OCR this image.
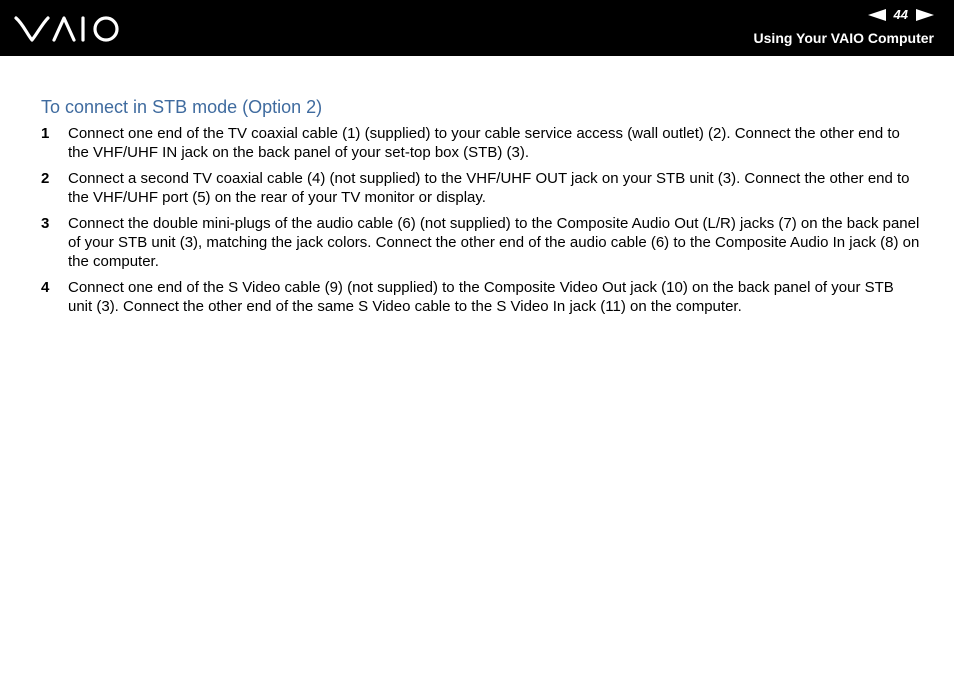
44
Using Your VAIO Computer
To connect in STB mode (Option 2)
1	Connect one end of the TV coaxial cable (1) (supplied) to your cable service access (wall outlet) (2). Connect the other end to the VHF/UHF IN jack on the back panel of your set-top box (STB) (3).
2	Connect a second TV coaxial cable (4) (not supplied) to the VHF/UHF OUT jack on your STB unit (3). Connect the other end to the VHF/UHF port (5) on the rear of your TV monitor or display.
3	Connect the double mini-plugs of the audio cable (6) (not supplied) to the Composite Audio Out (L/R) jacks (7) on the back panel of your STB unit (3), matching the jack colors. Connect the other end of the audio cable (6) to the Composite Audio In jack (8) on the computer.
4	Connect one end of the S Video cable (9) (not supplied) to the Composite Video Out jack (10) on the back panel of your STB unit (3). Connect the other end of the same S Video cable to the S Video In jack (11) on the computer.
